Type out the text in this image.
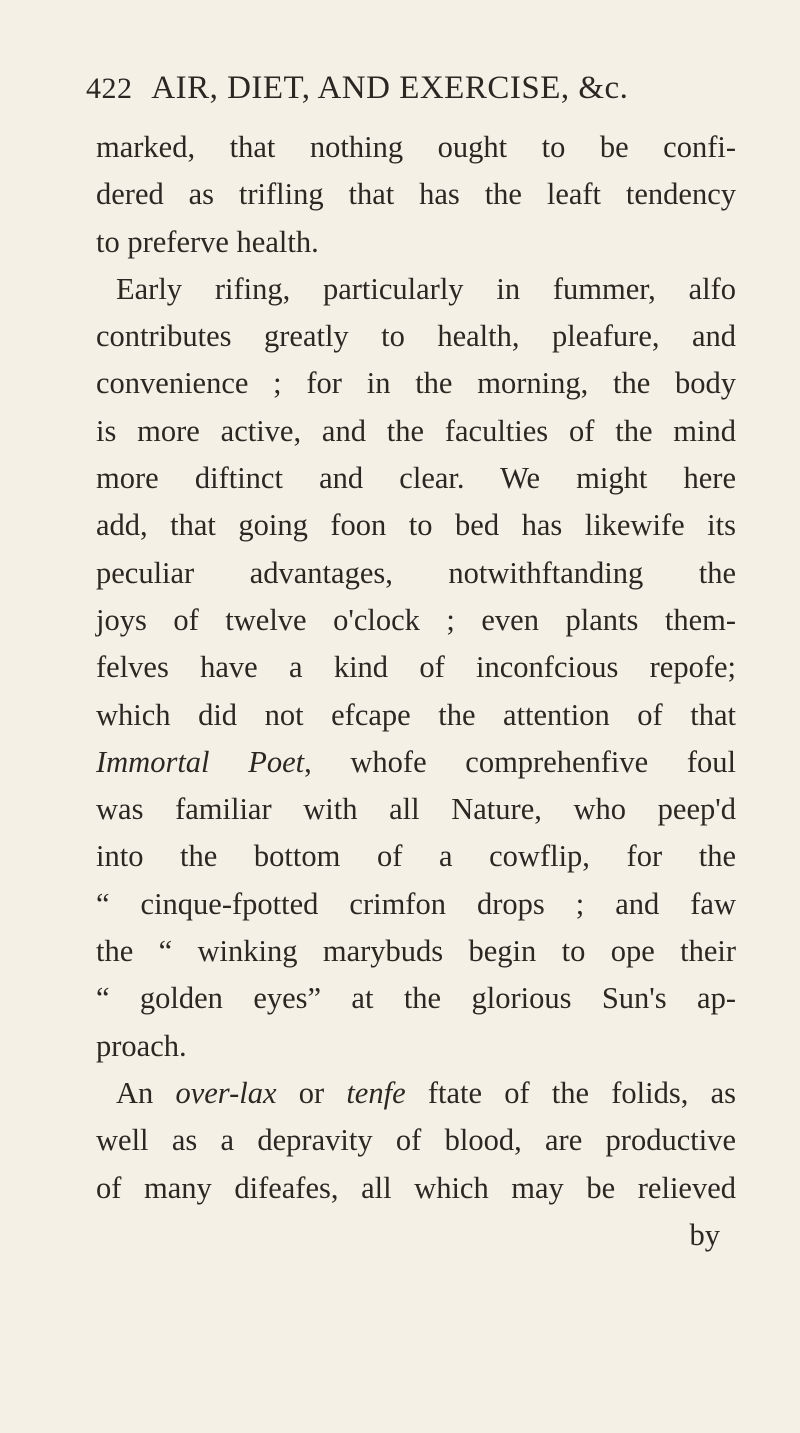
422 AIR, DIET, AND EXERCISE, &c.
marked, that nothing ought to be confi-
dered as trifling that has the leaft tendency
to preferve health.
Early rifing, particularly in fummer, alfo
contributes greatly to health, pleafure, and
convenience ; for in the morning, the body
is more active, and the faculties of the mind
more diftinct and clear. We might here
add, that going foon to bed has likewife its
peculiar advantages, notwithftanding the
joys of twelve o'clock ; even plants them-
felves have a kind of inconfcious repofe;
which did not efcape the attention of that
Immortal Poet, whofe comprehenfive foul
was familiar with all Nature, who peep'd
into the bottom of a cowflip, for the
“ cinque-fpotted crimfon drops ; and faw
the “ winking marybuds begin to ope their
“ golden eyes” at the glorious Sun's ap-
proach.
An over-lax or tenfe ftate of the folids, as
well as a depravity of blood, are productive
of many difeafes, all which may be relieved
by
